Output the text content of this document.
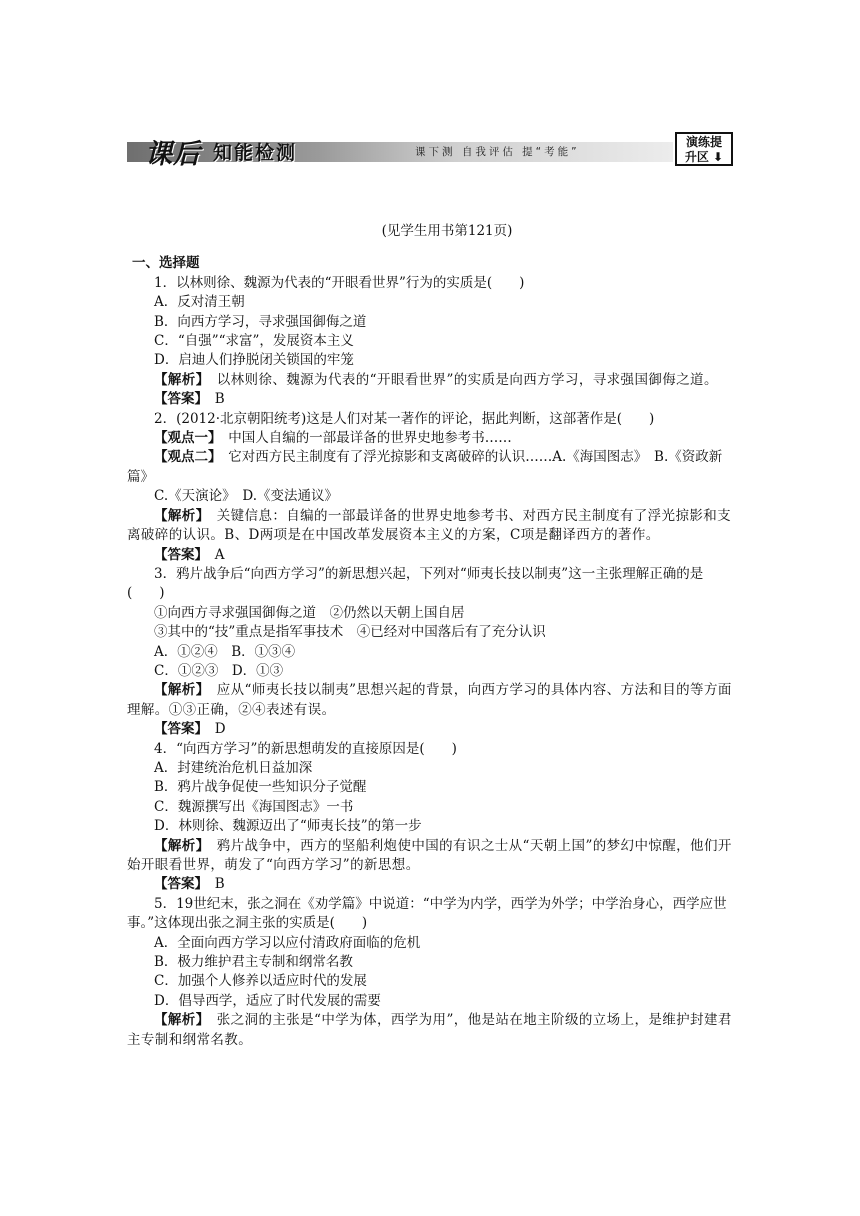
课后 知能检测	课下测 自我评估 提“考能”
演练提
升区 ⬇
(见学生用书第121页)
一、选择题
1．以林则徐、魏源为代表的“开眼看世界”行为的实质是(　　)
A．反对清王朝
B．向西方学习，寻求强国御侮之道
C．“自强”“求富”，发展资本主义
D．启迪人们挣脱闭关锁国的牢笼
【解析】　以林则徐、魏源为代表的“开眼看世界”的实质是向西方学习，寻求强国御侮之道。
【答案】　B
2．(2012·北京朝阳统考)这是人们对某一著作的评论，据此判断，这部著作是(　　)
【观点一】　中国人自编的一部最详备的世界史地参考书……
【观点二】　它对西方民主制度有了浮光掠影和支离破碎的认识……A.《海国图志》　B.《资政新篇》
C.《天演论》　D.《变法通议》
【解析】　关键信息：自编的一部最详备的世界史地参考书、对西方民主制度有了浮光掠影和支离破碎的认识。B、D两项是在中国改革发展资本主义的方案，C项是翻译西方的著作。
【答案】　A
3．鸦片战争后“向西方学习”的新思想兴起，下列对“师夷长技以制夷”这一主张理解正确的是(　　)
①向西方寻求强国御侮之道　②仍然以天朝上国自居
③其中的“技”重点是指军事技术　④已经对中国落后有了充分认识
A．①②④　B．①③④
C．①②③　D．①③
【解析】　应从“师夷长技以制夷”思想兴起的背景，向西方学习的具体内容、方法和目的等方面理解。①③正确，②④表述有误。
【答案】　D
4．“向西方学习”的新思想萌发的直接原因是(　　)
A．封建统治危机日益加深
B．鸦片战争促使一些知识分子觉醒
C．魏源撰写出《海国图志》一书
D．林则徐、魏源迈出了“师夷长技”的第一步
【解析】　鸦片战争中，西方的坚船利炮使中国的有识之士从“天朝上国”的梦幻中惊醒，他们开始开眼看世界，萌发了“向西方学习”的新思想。
【答案】　B
5．19世纪末，张之洞在《劝学篇》中说道：“中学为内学，西学为外学；中学治身心，西学应世事。”这体现出张之洞主张的实质是(　　)
A．全面向西方学习以应付清政府面临的危机
B．极力维护君主专制和纲常名教
C．加强个人修养以适应时代的发展
D．倡导西学，适应了时代发展的需要
【解析】　张之洞的主张是“中学为体，西学为用”，他是站在地主阶级的立场上，是维护封建君主专制和纲常名教。
